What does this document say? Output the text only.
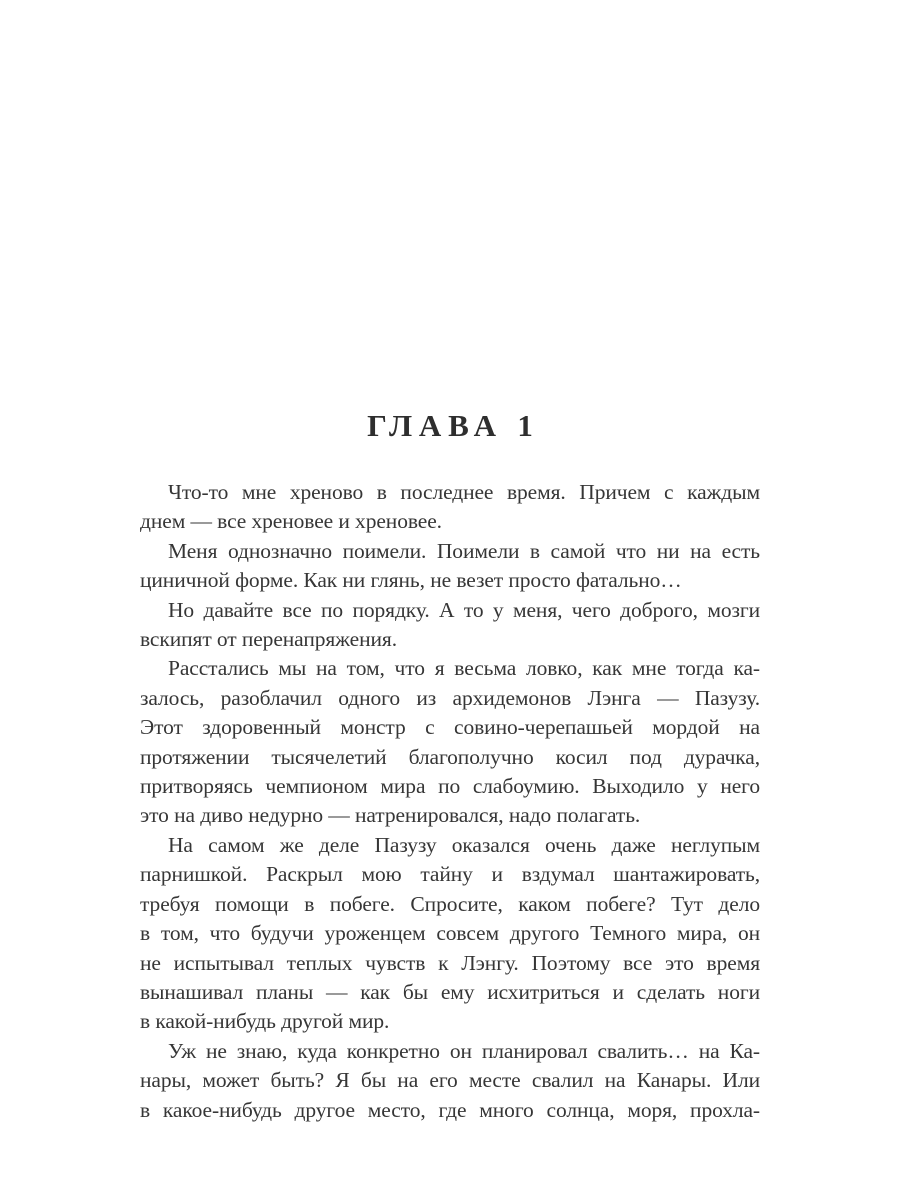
ГЛАВА 1
Что-то мне хреново в последнее время. Причем с каждым
днем — все хреновее и хреновее.
Меня однозначно поимели. Поимели в самой что ни на есть
циничной форме. Как ни глянь, не везет просто фатально…
Но давайте все по порядку. А то у меня, чего доброго, мозги
вскипят от перенапряжения.
Расстались мы на том, что я весьма ловко, как мне тогда ка-
залось, разоблачил одного из архидемонов Лэнга — Пазузу.
Этот здоровенный монстр с совино-черепашьей мордой на
протяжении тысячелетий благополучно косил под дурачка,
притворяясь чемпионом мира по слабоумию. Выходило у него
это на диво недурно — натренировался, надо полагать.
На самом же деле Пазузу оказался очень даже неглупым
парнишкой. Раскрыл мою тайну и вздумал шантажировать,
требуя помощи в побеге. Спросите, каком побеге? Тут дело
в том, что будучи уроженцем совсем другого Темного мира, он
не испытывал теплых чувств к Лэнгу. Поэтому все это время
вынашивал планы — как бы ему исхитриться и сделать ноги
в какой-нибудь другой мир.
Уж не знаю, куда конкретно он планировал свалить… на Ка-
нары, может быть? Я бы на его месте свалил на Канары. Или
в какое-нибудь другое место, где много солнца, моря, прохла-
